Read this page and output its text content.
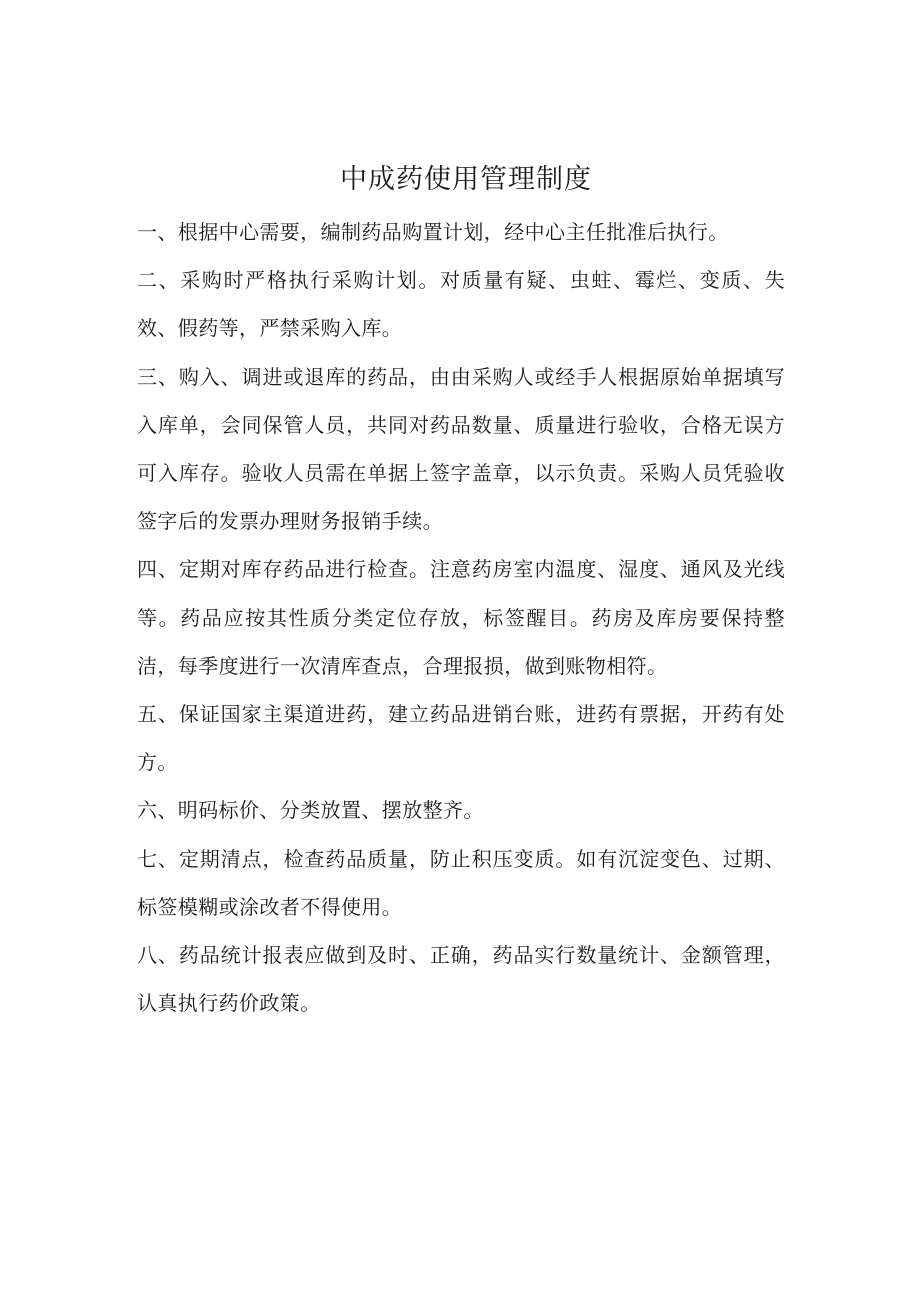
中成药使用管理制度

一、根据中心需要，编制药品购置计划，经中心主任批准后执行。

二、采购时严格执行采购计划。对质量有疑、虫蛀、霉烂、变质、失效、假药等，严禁采购入库。

三、购入、调进或退库的药品，由由采购人或经手人根据原始单据填写入库单，会同保管人员，共同对药品数量、质量进行验收，合格无误方可入库存。验收人员需在单据上签字盖章，以示负责。采购人员凭验收签字后的发票办理财务报销手续。

四、定期对库存药品进行检查。注意药房室内温度、湿度、通风及光线等。药品应按其性质分类定位存放，标签醒目。药房及库房要保持整洁，每季度进行一次清库查点，合理报损，做到账物相符。

五、保证国家主渠道进药，建立药品进销台账，进药有票据，开药有处方。

六、明码标价、分类放置、摆放整齐。

七、定期清点，检查药品质量，防止积压变质。如有沉淀变色、过期、标签模糊或涂改者不得使用。

八、药品统计报表应做到及时、正确，药品实行数量统计、金额管理，认真执行药价政策。
